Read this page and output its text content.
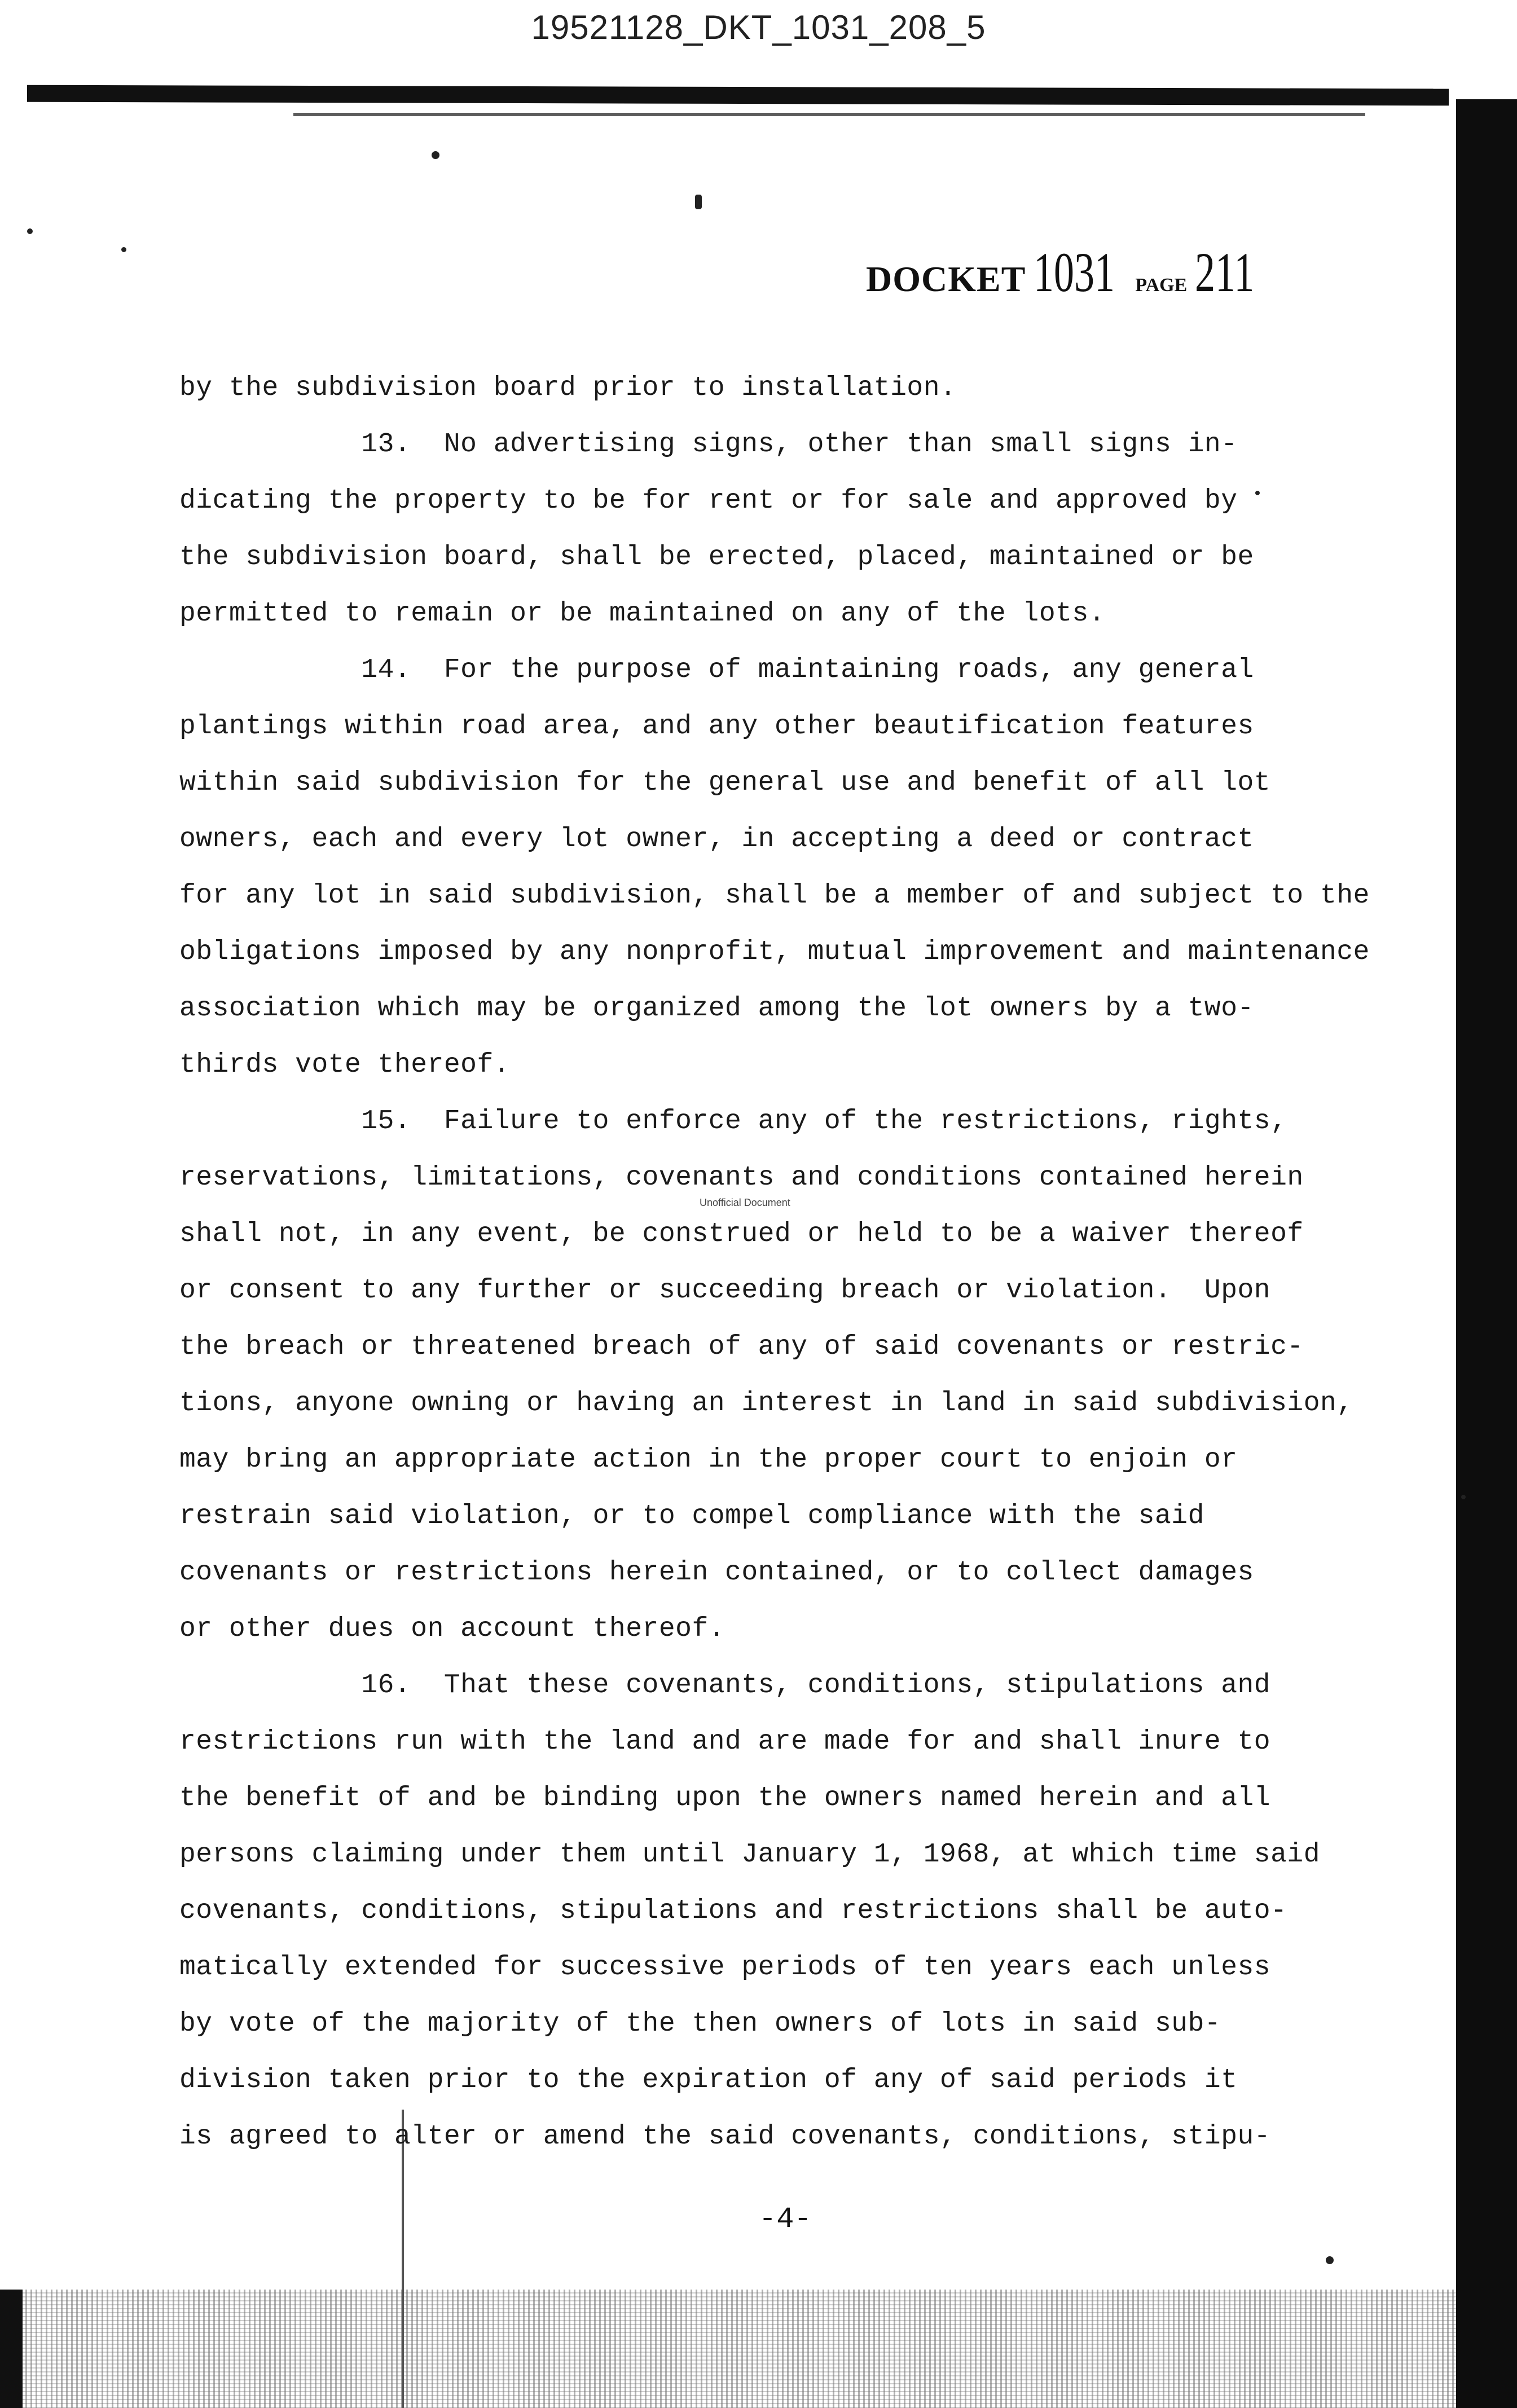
19521128_DKT_1031_208_5
DOCKET 1031 PAGE 211
Unofficial Document
by the subdivision board prior to installation.
13.  No advertising signs, other than small signs in-
dicating the property to be for rent or for sale and approved by
the subdivision board, shall be erected, placed, maintained or be
permitted to remain or be maintained on any of the lots.
14.  For the purpose of maintaining roads, any general
plantings within road area, and any other beautification features
within said subdivision for the general use and benefit of all lot
owners, each and every lot owner, in accepting a deed or contract
for any lot in said subdivision, shall be a member of and subject to the
obligations imposed by any nonprofit, mutual improvement and maintenance
association which may be organized among the lot owners by a two-
thirds vote thereof.
15.  Failure to enforce any of the restrictions, rights,
reservations, limitations, covenants and conditions contained herein
shall not, in any event, be construed or held to be a waiver thereof
or consent to any further or succeeding breach or violation.  Upon
the breach or threatened breach of any of said covenants or restric-
tions, anyone owning or having an interest in land in said subdivision,
may bring an appropriate action in the proper court to enjoin or
restrain said violation, or to compel compliance with the said
covenants or restrictions herein contained, or to collect damages
or other dues on account thereof.
16.  That these covenants, conditions, stipulations and
restrictions run with the land and are made for and shall inure to
the benefit of and be binding upon the owners named herein and all
persons claiming under them until January 1, 1968, at which time said
covenants, conditions, stipulations and restrictions shall be auto-
matically extended for successive periods of ten years each unless
by vote of the majority of the then owners of lots in said sub-
division taken prior to the expiration of any of said periods it
is agreed to alter or amend the said covenants, conditions, stipu-
-4-
